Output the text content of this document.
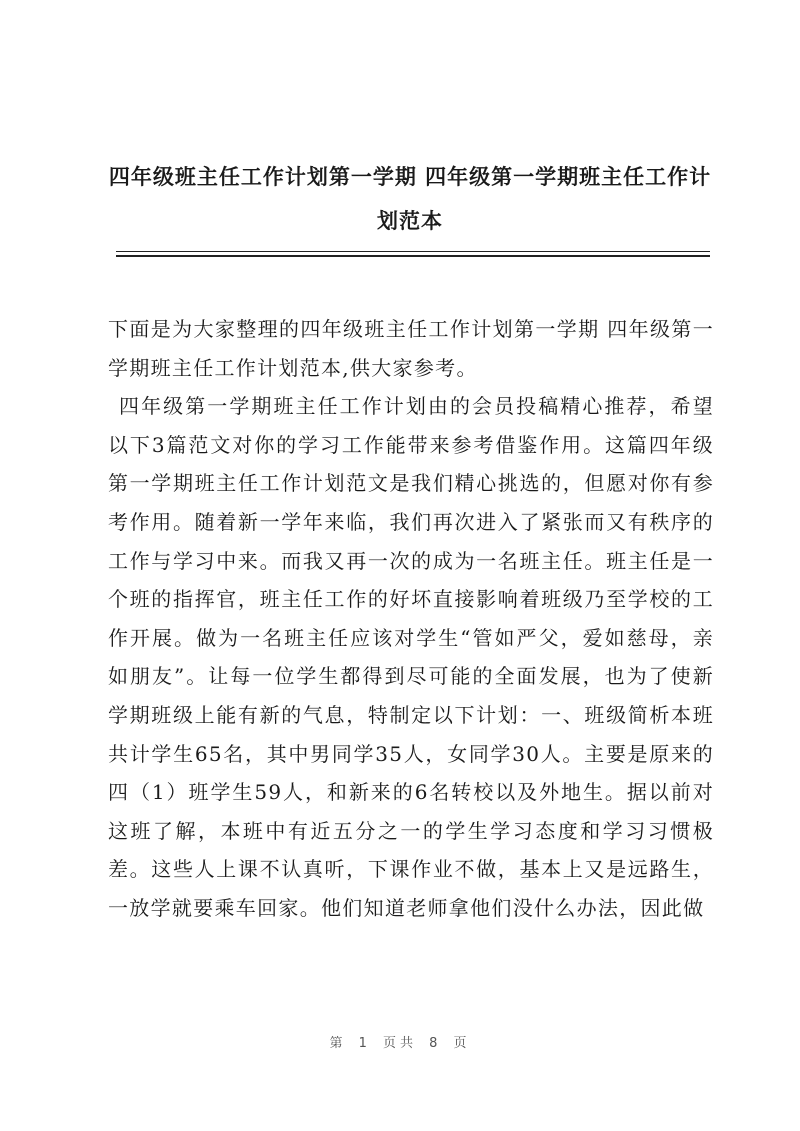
四年级班主任工作计划第一学期 四年级第一学期班主任工作计划范本

下面是为大家整理的四年级班主任工作计划第一学期 四年级第一学期班主任工作计划范本,供大家参考。

四年级第一学期班主任工作计划由的会员投稿精心推荐，希望以下3篇范文对你的学习工作能带来参考借鉴作用。这篇四年级第一学期班主任工作计划范文是我们精心挑选的，但愿对你有参考作用。随着新一学年来临，我们再次进入了紧张而又有秩序的工作与学习中来。而我又再一次的成为一名班主任。班主任是一个班的指挥官，班主任工作的好坏直接影响着班级乃至学校的工作开展。做为一名班主任应该对学生“管如严父，爱如慈母，亲如朋友”。让每一位学生都得到尽可能的全面发展，也为了使新学期班级上能有新的气息，特制定以下计划：一、班级简析本班共计学生65名，其中男同学35人，女同学30人。主要是原来的四（1）班学生59人，和新来的6名转校以及外地生。据以前对这班了解，本班中有近五分之一的学生学习态度和学习习惯极差。这些人上课不认真听，下课作业不做，基本上又是远路生，一放学就要乘车回家。他们知道老师拿他们没什么办法，因此做

第 1 页共 8 页
